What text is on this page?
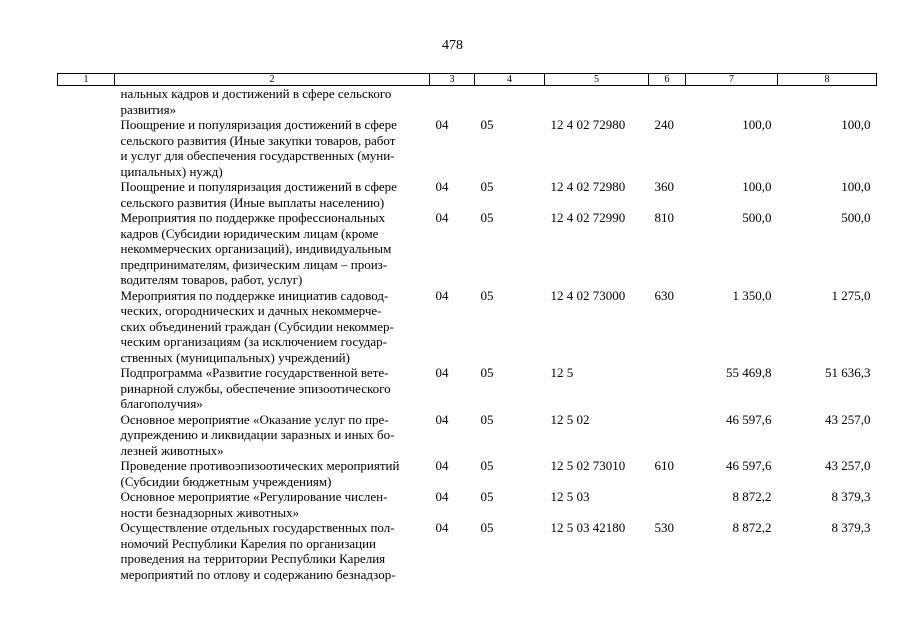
478
1	2	3	4	5	6	7	8
	нальных кадров и достижений в сфере сельского
развития»						
	Поощрение и популяризация достижений в сфере
сельского развития (Иные закупки товаров, работ
и услуг для обеспечения государственных (муни-
ципальных) нужд)	04	05	12 4 02 72980	240	100,0	100,0
	Поощрение и популяризация достижений в сфере
сельского развития (Иные выплаты населению)	04	05	12 4 02 72980	360	100,0	100,0
	Мероприятия по поддержке профессиональных
кадров (Субсидии юридическим лицам (кроме
некоммерческих организаций), индивидуальным
предпринимателям, физическим лицам – произ-
водителям товаров, работ, услуг)	04	05	12 4 02 72990	810	500,0	500,0
	Мероприятия по поддержке инициатив садовод-
ческих, огороднических и дачных некоммерче-
ских объединений граждан (Субсидии некоммер-
ческим организациям (за исключением государ-
ственных (муниципальных) учреждений)	04	05	12 4 02 73000	630	1 350,0	1 275,0
	Подпрограмма «Развитие государственной вете-
ринарной службы, обеспечение эпизоотического
благополучия»	04	05	12 5		55 469,8	51 636,3
	Основное мероприятие «Оказание услуг по пре-
дупреждению и ликвидации заразных и иных бо-
лезней животных»	04	05	12 5 02		46 597,6	43 257,0
	Проведение противоэпизоотических мероприятий
(Субсидии бюджетным учреждениям)	04	05	12 5 02 73010	610	46 597,6	43 257,0
	Основное мероприятие «Регулирование числен-
ности безнадзорных животных»	04	05	12 5 03		8 872,2	8 379,3
	Осуществление отдельных государственных пол-
номочий Республики Карелия по организации
проведения на территории Республики Карелия
мероприятий по отлову и содержанию безнадзор-	04	05	12 5 03 42180	530	8 872,2	8 379,3
